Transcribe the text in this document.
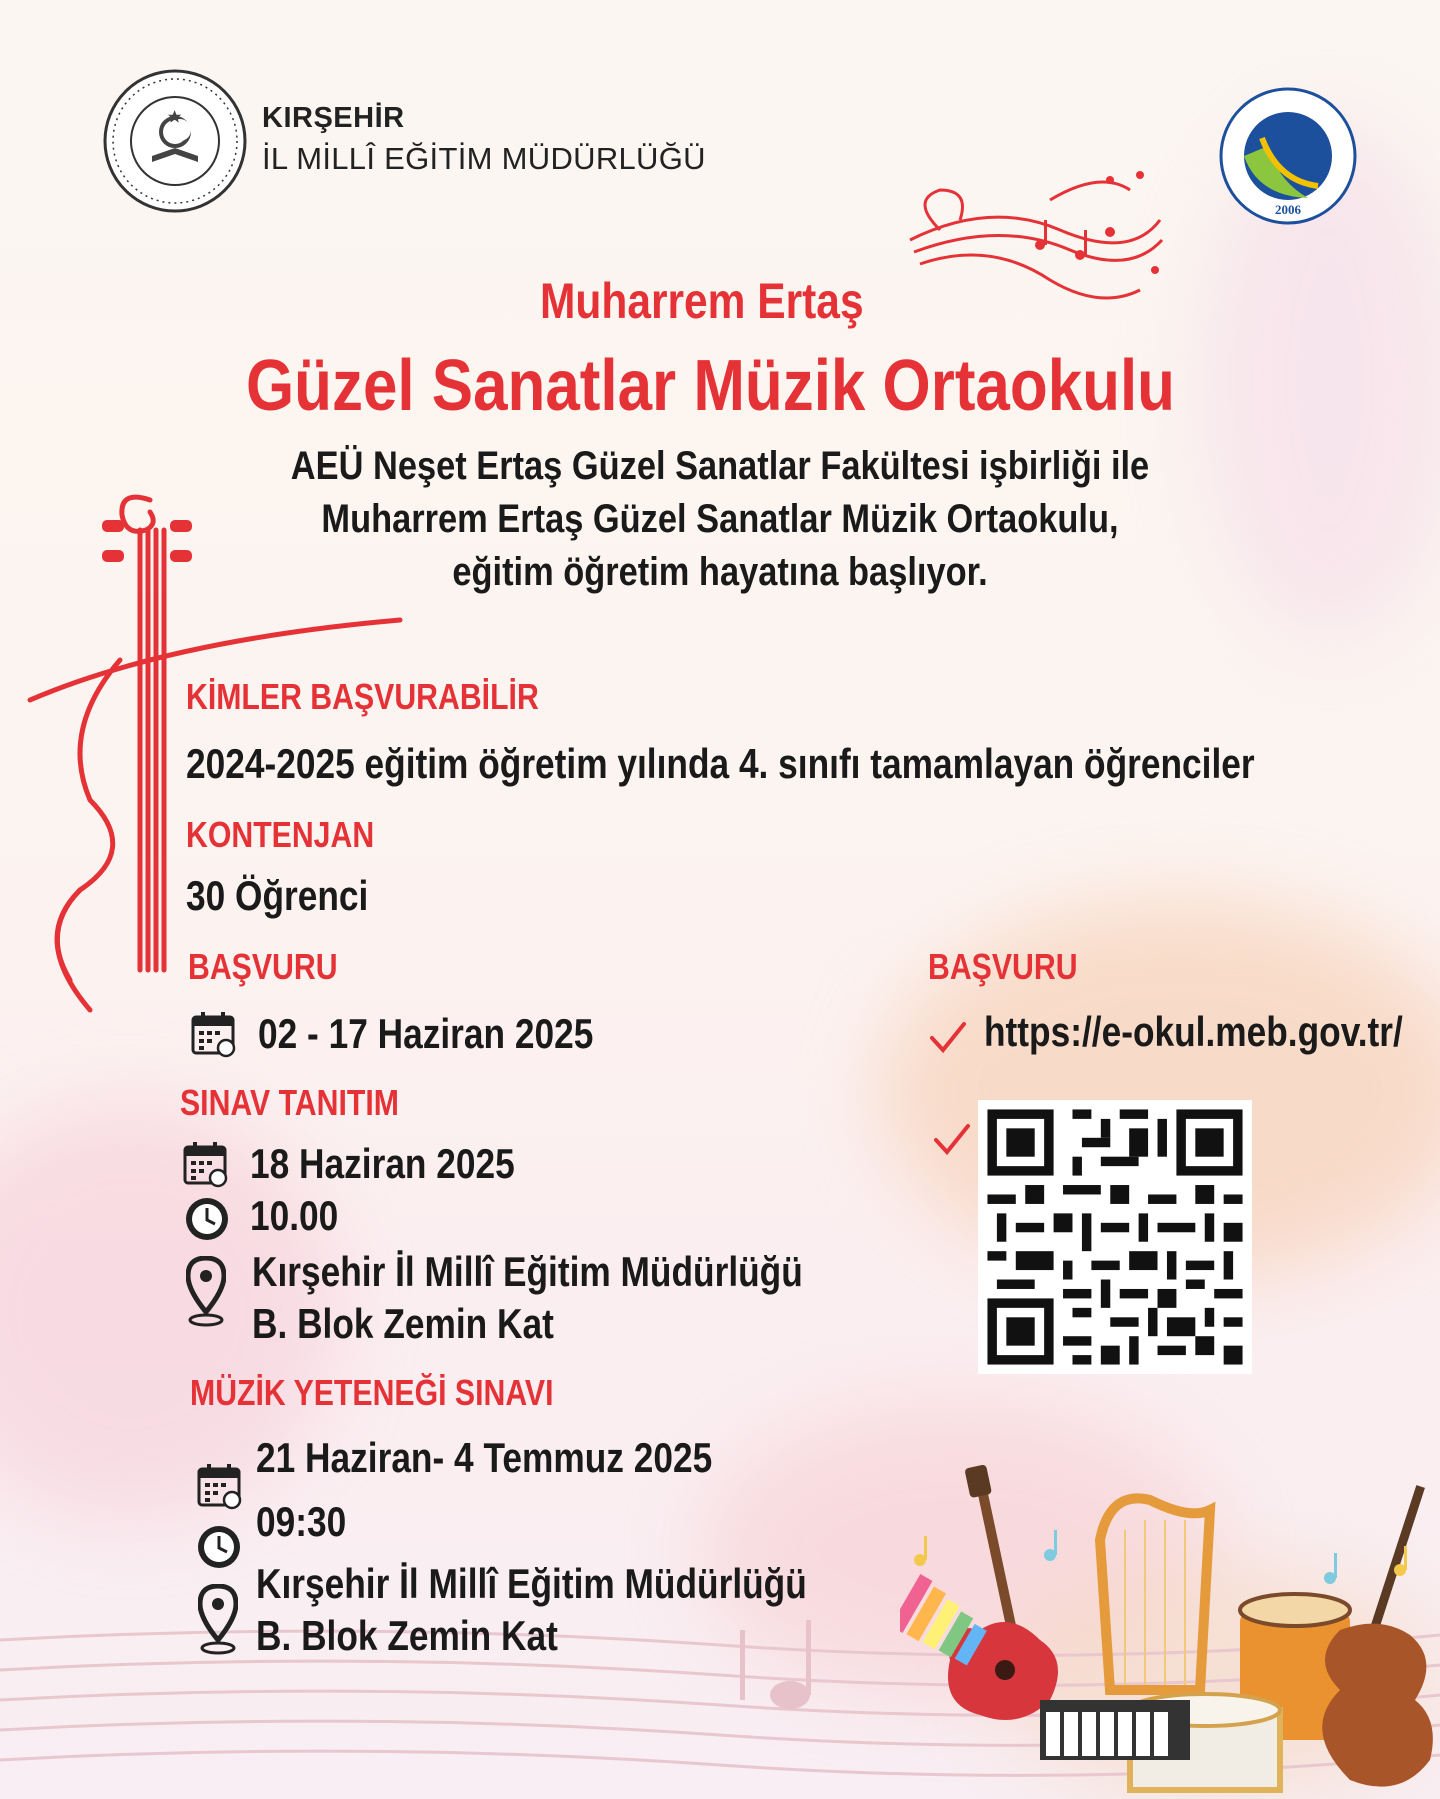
KIRŞEHİR
İL MİLLÎ EĞİTİM MÜDÜRLÜĞÜ
2006
Muharrem Ertaş
Güzel Sanatlar Müzik Ortaokulu
AEÜ Neşet Ertaş Güzel Sanatlar Fakültesi işbirliği ile
Muharrem Ertaş Güzel Sanatlar Müzik Ortaokulu,
eğitim öğretim hayatına başlıyor.
KİMLER BAŞVURABİLİR
2024-2025 eğitim öğretim yılında 4. sınıfı tamamlayan öğrenciler
KONTENJAN
30 Öğrenci
BAŞVURU
02 - 17 Haziran 2025
SINAV TANITIM
18 Haziran 2025
10.00
Kırşehir İl Millî Eğitim Müdürlüğü
B. Blok Zemin Kat
MÜZİK YETENEĞİ SINAVI
21 Haziran- 4 Temmuz 2025
09:30
Kırşehir İl Millî Eğitim Müdürlüğü
B. Blok Zemin Kat
BAŞVURU
https://e-okul.meb.gov.tr/
